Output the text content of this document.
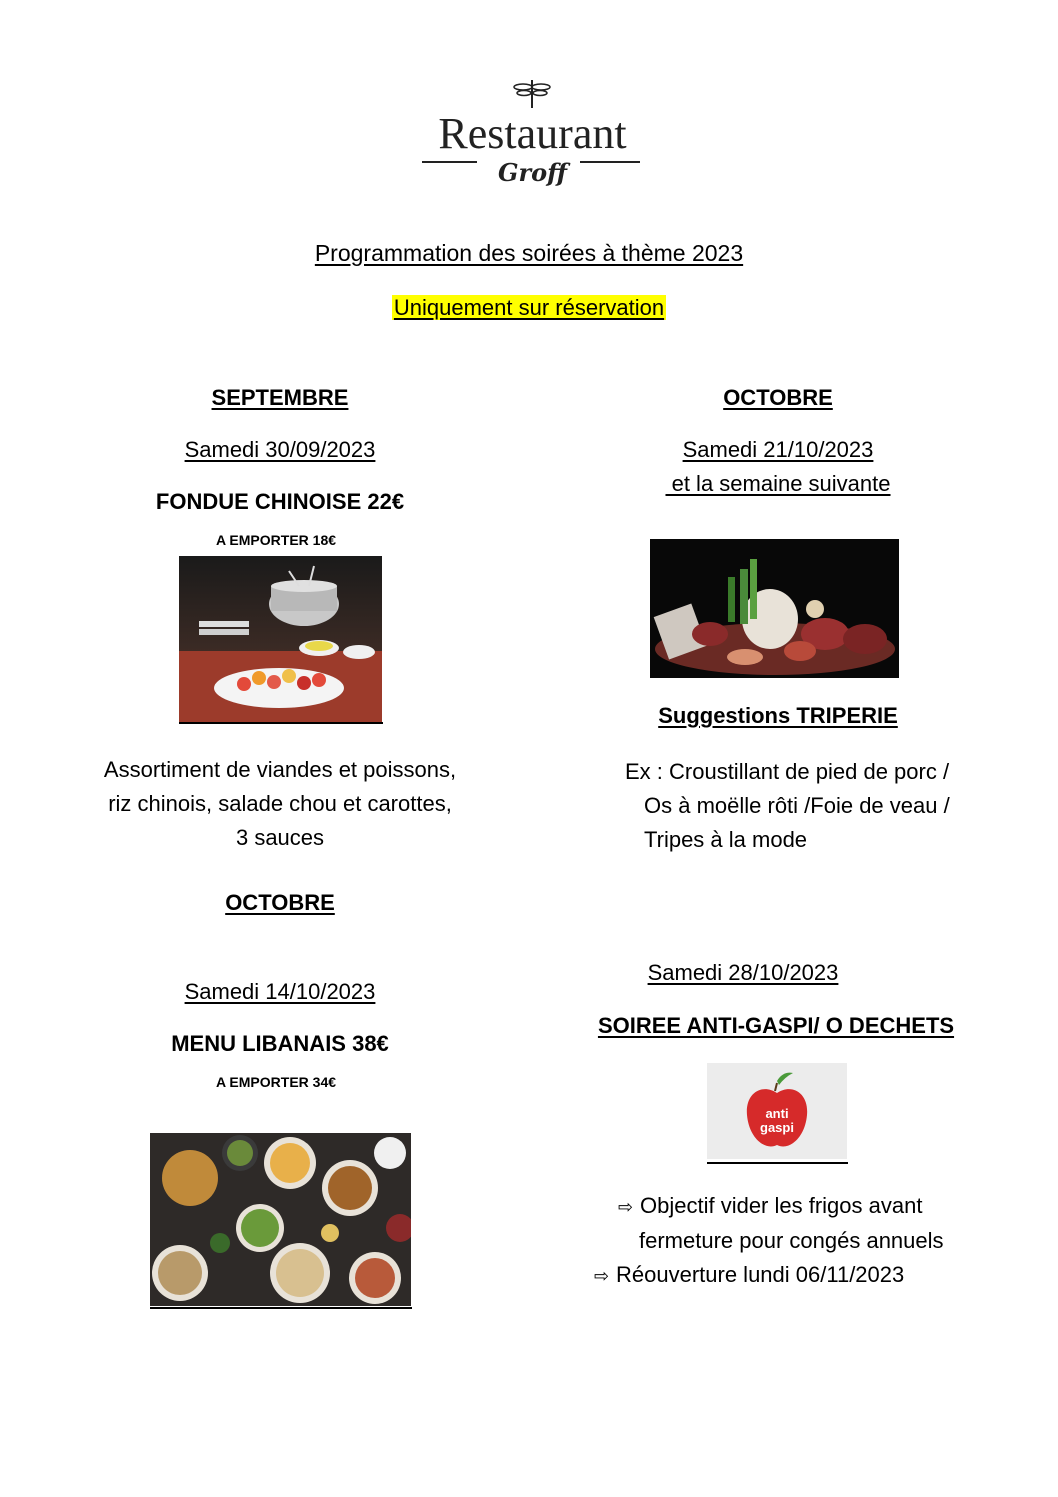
Restaurant
Groff
Programmation des soirées à thème 2023
Uniquement sur réservation
SEPTEMBRE
Samedi 30/09/2023
FONDUE CHINOISE 22€
A EMPORTER 18€
Assortiment de viandes et poissons,
riz chinois, salade chou et carottes,
3 sauces
OCTOBRE
Samedi 21/10/2023
et la semaine suivante
Suggestions TRIPERIE
Ex : Croustillant de pied de porc /
Os à moëlle rôti /Foie de veau /
Tripes à la mode
OCTOBRE
Samedi 14/10/2023
MENU LIBANAIS 38€
A EMPORTER 34€
Samedi 28/10/2023
SOIREE ANTI-GASPI/ O DECHETS
anti
gaspi
⇨ Objectif vider les frigos avant
fermeture pour congés annuels
⇨ Réouverture lundi 06/11/2023
